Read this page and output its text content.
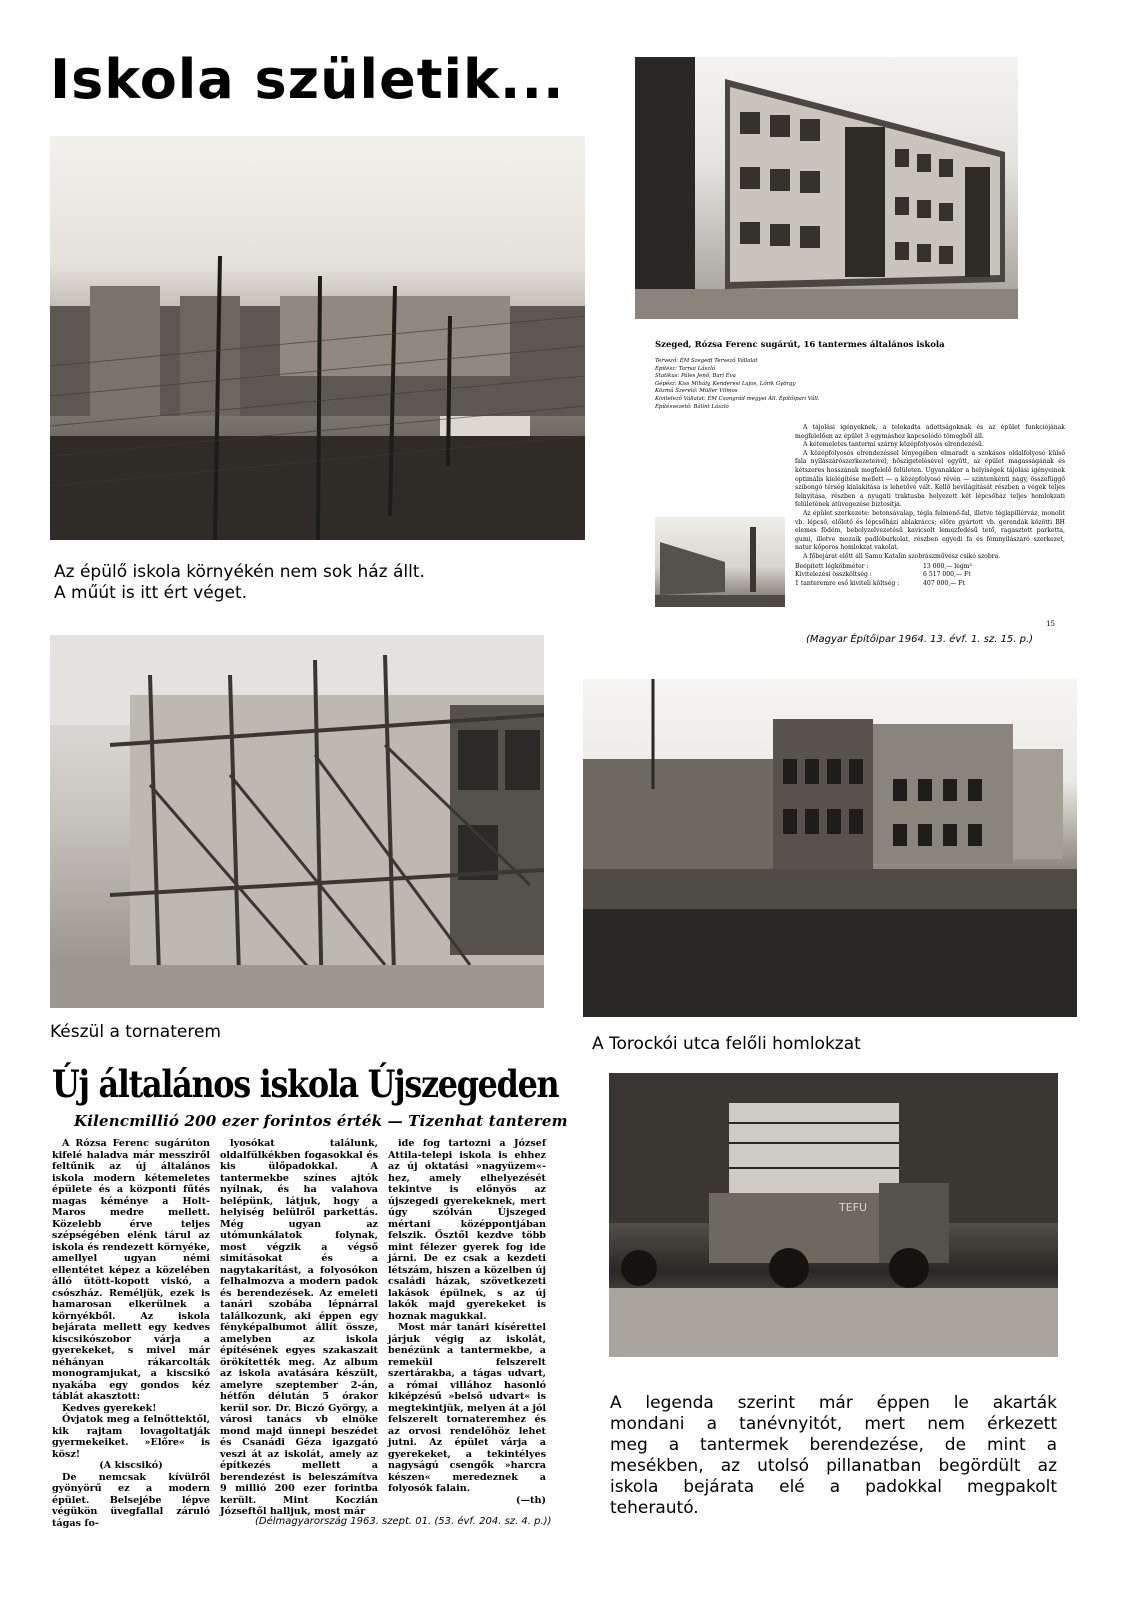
Iskola születik...
Az épülő iskola környékén nem sok ház állt.
A műút is itt ért véget.
Szeged, Rózsa Ferenc sugárút, 16 tantermes általános iskola
Tervező: ÉM Szegedi Tervező Vállalat
Építész: Tarnai László
Statikus: Páles Jenő, Bari Éva
Gépész: Kiss Mihály, Kenderesi Lajos, Lőrik György
Közmű Szerelő: Müller Vilmos
Kivitelező Vállalat: ÉM Csongrád megyei Áll. Építőipari Váll.
Építésvezető: Bálint László

A tájolási igényeknek, a telekadta adottságoknak és az épület funkciójának megfelelően az épület 3 egymáshoz kapcsolódó tömegből áll.

A kétemeletes tantermi szárny középfolyosós elrendezésű.

A középfolyosós elrendezéssel lényegében elmaradt a szokásos oldalfolyosó külső fala nyílászárószerkezeteivel, hőszigetelésével együtt, az épület magasságának és kétszeres hosszának megfelelő felületen. Ugyanakkor a helyiségek tájolási igényeinek optimális kielégítése mellett — a középfolyosó révén — szintenkénti nagy, összefüggő szibongó térség kialakítása is lehetővé vált. Kellő bevilágítását részben a végek teljes felnyitása, részben a nyugati traktusba helyezett két lépcsőház teljes homlokzati felületének átüvegezése biztosítja.

Az épület szerkezete: betonsávalap, tégla felmenő-fal, illetve téglapillérváz, monolit vb. lépcső, előlető és lépcsőházi ablakráccs; előre gyártott vb. gerendák közötti BH elemes födém, bebolyzelvezetésű kavicsolt lemezfedésű tető, ragasztott parketta, gumi, illetve mozaik padlóburkolat, részben egyedi fa és fémnyílászáró szerkezet, natur kőporos homlokzat vakolat.

A főbejárat előtt áll Samu Katalin szobrászművész csikó szobra.

Beépített légköbméter :	13 000,— légm³
Kivitelezési összköltség :	6 517 000,— Ft
1 tanteremre eső kiviteli költség :	407 000,— Ft
15
(Magyar Építőipar 1964. 13. évf. 1. sz. 15. p.)
Készül a tornaterem
A Torockói utca felőli homlokzat
Új általános iskola Újszegeden
Kilencmillió 200 ezer forintos érték — Tizenhat tanterem

A Rózsa Ferenc sugárúton kifelé haladva már messziről feltűnik az új általános iskola modern kétemeletes épülete és a központi fűtés magas kéménye a Holt-Maros medre mellett. Közelebb érve teljes szépségében elénk tárul az iskola és rendezett környéke, amellyel ugyan némi ellentétet képez a közelében álló ütött-kopott viskó, a csószház. Reméljük, ezek is hamarosan elkerülnek a környékből. Az iskola bejárata mellett egy kedves kiscsikószobor várja a gyerekeket, s mivel már néhányan rákarcolták monogramjukat, a kiscsikó nyakába egy gondos kéz táblát akasztott:

Kedves gyerekek!

Óvjatok meg a felnőttektől, kik rajtam lovagoltatják gyermekeiket. »Előre« is kösz!

(A kiscsikó)

De nemcsak kívülről gyönyörű ez a modern épület. Belsejébe lépve végükön üvegfallal záruló tágas fo-

lyosókat találunk, oldalfülkékben fogasokkal és kis ülőpadokkal. A tantermekbe színes ajtók nyílnak, és ha valahova belépünk, látjuk, hogy a helyiség belülről parkettás. Még ugyan az utómunkálatok folynak, most végzik a végső simításokat és a nagytakarítást, a folyosókon felhalmozva a modern padok és berendezések. Az emeleti tanári szobába lépnárral találkozunk, aki éppen egy fényképalbumot állít össze, amelyben az iskola építésének egyes szakaszait örökítették meg. Az album az iskola avatására készült, amelyre szeptember 2-án, hétfőn délután 5 órakor kerül sor. Dr. Biczó György, a városi tanács vb elnöke mond majd ünnepi beszédet és Csanádi Géza igazgató veszi át az iskolát, amely az építkezés mellett a berendezést is beleszámítva 9 millió 200 ezer forintba került. Mint Koczián Józseftől halljuk, most már

ide fog tartozni a József Attila-telepi iskola is ehhez az új oktatási »nagyüzem«-hez, amely elhelyezését tekintve is előnyös az újszegedi gyerekeknek, mert úgy szólván Újszeged mértani középpontjában felszik. Ősztől kezdve több mint félezer gyerek fog ide járni. De ez csak a kezdeti létszám, hiszen a közelben új családi házak, szövetkezeti lakások épülnek, s az új lakók majd gyerekeket is hoznak magukkal.

Most már tanári kísérettel járjuk végig az iskolát, benézünk a tantermekbe, a remekül felszerelt szertárakba, a tágas udvart, a római villához hasonló kiképzésű »belső udvart« is megtekintjük, melyen át a jól felszerelt tornateremhez és az orvosi rendelőhöz lehet jutni. Az épület várja a gyerekeket, a tekintélyes nagyságú csengők »harcra készen« meredeznek a folyosók falain.

(—th)

(Délmagyarország 1963. szept. 01. (53. évf. 204. sz. 4. p.))
TEFU
A legenda szerint már éppen le akarták
mondani a tanévnyitót, mert nem érkezett
meg a tantermek berendezése, de mint a
mesékben, az utolsó pillanatban begördült az
iskola bejárata elé a padokkal megpakolt
teherautó.
